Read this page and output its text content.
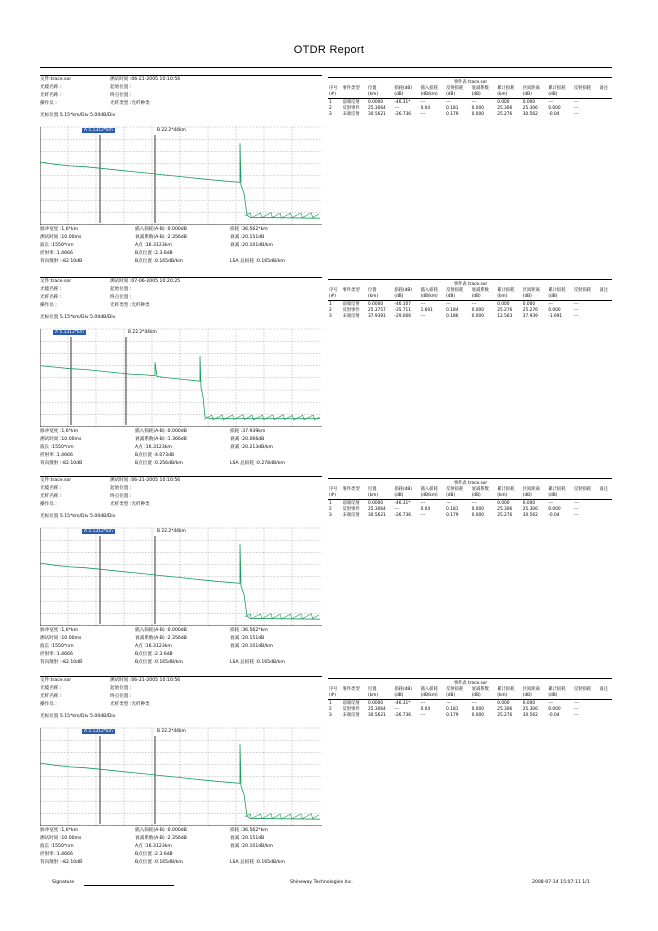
OTDR Report
文件:trace.sor	测试时间 :06-21-2005 10:10:56
光缆名称 :	起始位置 :
光纤名称 :	终点位置 :
操作员 :	光纤类型 :光纤种类
光标位置 5.15*km/Div 5.00dB/Div
A 5.1312*km	B 22.2*44km
脉冲宽度 :1,6*km	插入损耗(A-B) :0.000dB	损耗 :36.562*km
测试时间 :10.00ms	衰减系数(A-B) :2.356dB	衰减 :20.151dB
波长 :1550*nm	A点 :16.3123km	衰减 :20.101dB/km
折射率 :1.4666	B点位置 :2.3.6dB
背向散射 :-82.10dB	B点位置 :0.165dB/km	LSA 总损耗 :0.165dB/km
事件表 trace.sor											
序号	事件类型	位置	损耗(dB)	插入损耗	反射损耗	衰减系数	累计损耗	区间距离	累计损耗	反射损耗	备注
(#)		(km)	(dB)	(dB/km)	(dB)	(dB)	(km)	(dB)	(dB)		

1	前端反射	0.0000	-46.31*	---	---	---	0.000	0.000	---	---	
2	反射事件	25.3064	---	0.04	0.181	0.000	25.306	25.306	0.000	---	
3	末端反射	30.5621	-26.736	---	0.179	0.000	25.276	30.562	-0.04	---	
文件:trace.sor	测试时间 :07-06-2005 10:20:25
光缆名称 :	起始位置 :
光纤名称 :	终点位置 :
操作员 :	光纤类型 :光纤种类
光标位置 5.15*km/Div 5.00dB/Div
A 5.1312*km	B 22.2*44km
脉冲宽度 :1,6*km	插入损耗(A-B) :0.000dB	损耗 :37.939km
测试时间 :10.00ms	衰减系数(A-B) :1.366dB	衰减 :20.066dB
波长 :1550*nm	A点 :16.3123km	衰减 :20.213dB/km
折射率 :1.4666	B点位置 :4.073dB
背向散射 :-82.10dB	B点位置 :0.256dB/km	LSA 总损耗 :0.278dB/km
事件表 trace.sor											
序号	事件类型	位置	损耗(dB)	插入损耗	反射损耗	衰减系数	累计损耗	区间距离	累计损耗	反射损耗	备注
(#)		(km)	(dB)	(dB/km)	(dB)	(dB)	(km)	(dB)	(dB)		

1	前端反射	0.0000	-46.107	---	---	---	0.000	0.000	---	---	
2	反射事件	25.3757	-35.711	1.691	0.184	0.000	25.276	25.276	0.000	---	
3	末端反射	37.9391	-29.066	---	0.186	0.000	12.563	37.939	-1.691	---	
文件:trace.sor	测试时间 :06-21-2005 10:10:56
光缆名称 :	起始位置 :
光纤名称 :	终点位置 :
操作员 :	光纤类型 :光纤种类
光标位置 5.15*km/Div 5.00dB/Div
A 5.1312*km	B 22.2*44km
脉冲宽度 :1,6*km	插入损耗(A-B) :0.000dB	损耗 :36.562*km
测试时间 :10.00ms	衰减系数(A-B) :2.356dB	衰减 :20.151dB
波长 :1550*nm	A点 :16.3123km	衰减 :20.101dB/km
折射率 :1.4666	B点位置 :2.3.6dB
背向散射 :-82.10dB	B点位置 :0.165dB/km	LSA 总损耗 :0.165dB/km
事件表 trace.sor											
序号	事件类型	位置	损耗(dB)	插入损耗	反射损耗	衰减系数	累计损耗	区间距离	累计损耗	反射损耗	备注
(#)		(km)	(dB)	(dB/km)	(dB)	(dB)	(km)	(dB)	(dB)		

1	前端反射	0.0000	-46.31*	---	---	---	0.000	0.000	---	---	
2	反射事件	25.3064	---	0.04	0.181	0.000	25.306	25.306	0.000	---	
3	末端反射	30.5621	-26.736	---	0.179	0.000	25.276	30.562	-0.04	---	
文件:trace.sor	测试时间 :06-21-2005 10:10:56
光缆名称 :	起始位置 :
光纤名称 :	终点位置 :
操作员 :	光纤类型 :光纤种类
光标位置 5.15*km/Div 5.00dB/Div
A 5.1312*km	B 22.2*44km
脉冲宽度 :1,6*km	插入损耗(A-B) :0.000dB	损耗 :36.562*km
测试时间 :10.00ms	衰减系数(A-B) :2.356dB	衰减 :20.151dB
波长 :1550*nm	A点 :16.3123km	衰减 :20.101dB/km
折射率 :1.4666	B点位置 :2.3.6dB
背向散射 :-82.10dB	B点位置 :0.165dB/km	LSA 总损耗 :0.165dB/km
事件表 trace.sor											
序号	事件类型	位置	损耗(dB)	插入损耗	反射损耗	衰减系数	累计损耗	区间距离	累计损耗	反射损耗	备注
(#)		(km)	(dB)	(dB/km)	(dB)	(dB)	(km)	(dB)	(dB)		

1	前端反射	0.0000	-46.31*	---	---	---	0.000	0.000	---	---	
2	反射事件	25.3064	---	0.04	0.181	0.000	25.306	25.306	0.000	---	
3	末端反射	30.5621	-26.736	---	0.179	0.000	25.276	30.562	-0.04	---	
Signature	Shineway Technologies Inc.	2008-07-14 15:07:11 1/1
